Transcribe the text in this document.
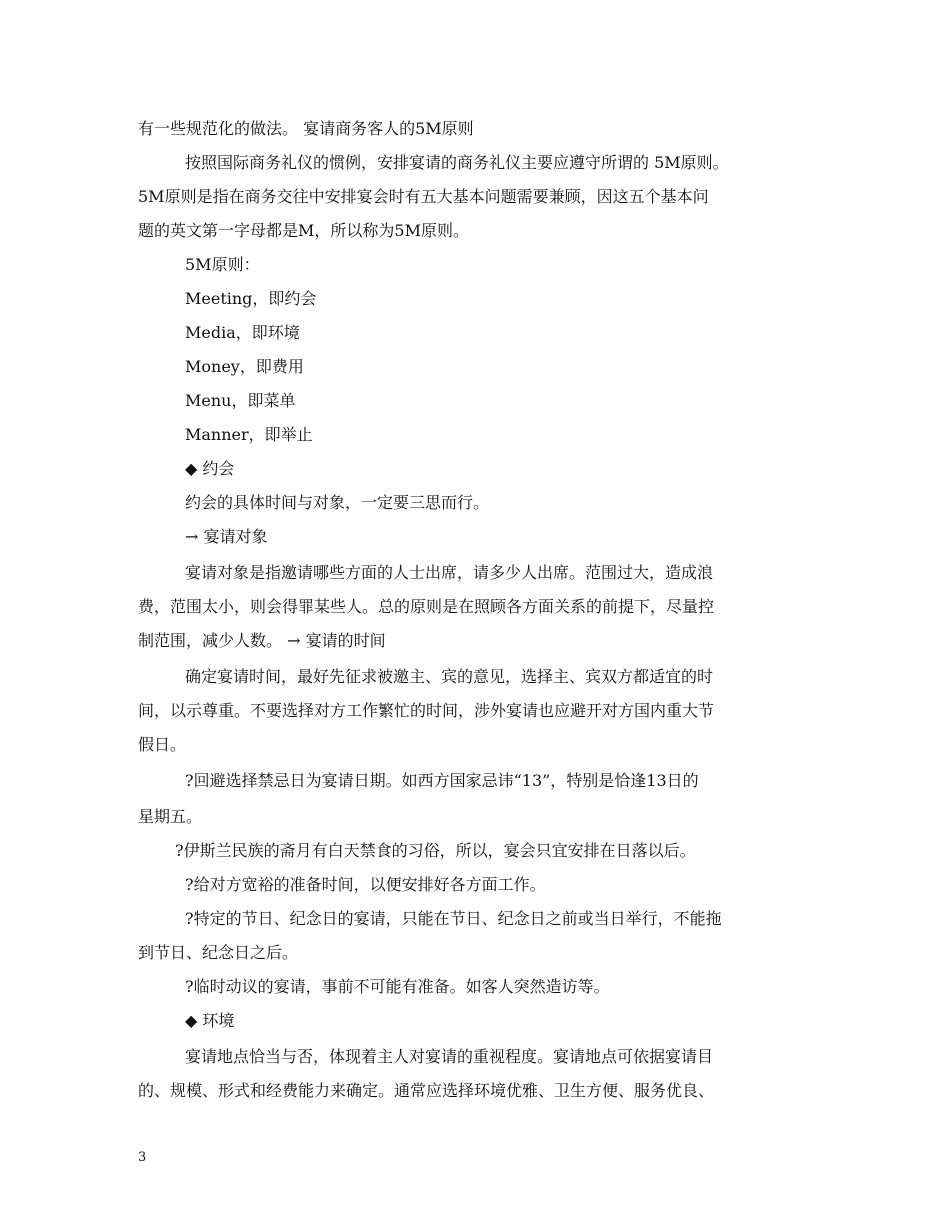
有一些规范化的做法。 宴请商务客人的5M原则
按照国际商务礼仪的惯例，安排宴请的商务礼仪主要应遵守所谓的 5M原则。
5M原则是指在商务交往中安排宴会时有五大基本问题需要兼顾，因这五个基本问
题的英文第一字母都是M，所以称为5M原则。
5M原则：
Meeting，即约会
Media，即环境
Money，即费用
Menu，即菜单
Manner，即举止
◆ 约会
约会的具体时间与对象，一定要三思而行。
→ 宴请对象
宴请对象是指邀请哪些方面的人士出席，请多少人出席。范围过大，造成浪
费，范围太小，则会得罪某些人。总的原则是在照顾各方面关系的前提下，尽量控
制范围，减少人数。 → 宴请的时间
确定宴请时间，最好先征求被邀主、宾的意见，选择主、宾双方都适宜的时
间，以示尊重。不要选择对方工作繁忙的时间，涉外宴请也应避开对方国内重大节
假日。
?回避选择禁忌日为宴请日期。如西方国家忌讳“13”，特别是恰逢13日的
星期五。
?伊斯兰民族的斋月有白天禁食的习俗，所以，宴会只宜安排在日落以后。
?给对方宽裕的准备时间，以便安排好各方面工作。
?特定的节日、纪念日的宴请，只能在节日、纪念日之前或当日举行，不能拖
到节日、纪念日之后。
?临时动议的宴请，事前不可能有准备。如客人突然造访等。
◆ 环境
宴请地点恰当与否，体现着主人对宴请的重视程度。宴请地点可依据宴请目
的、规模、形式和经费能力来确定。通常应选择环境优雅、卫生方便、服务优良、
3
